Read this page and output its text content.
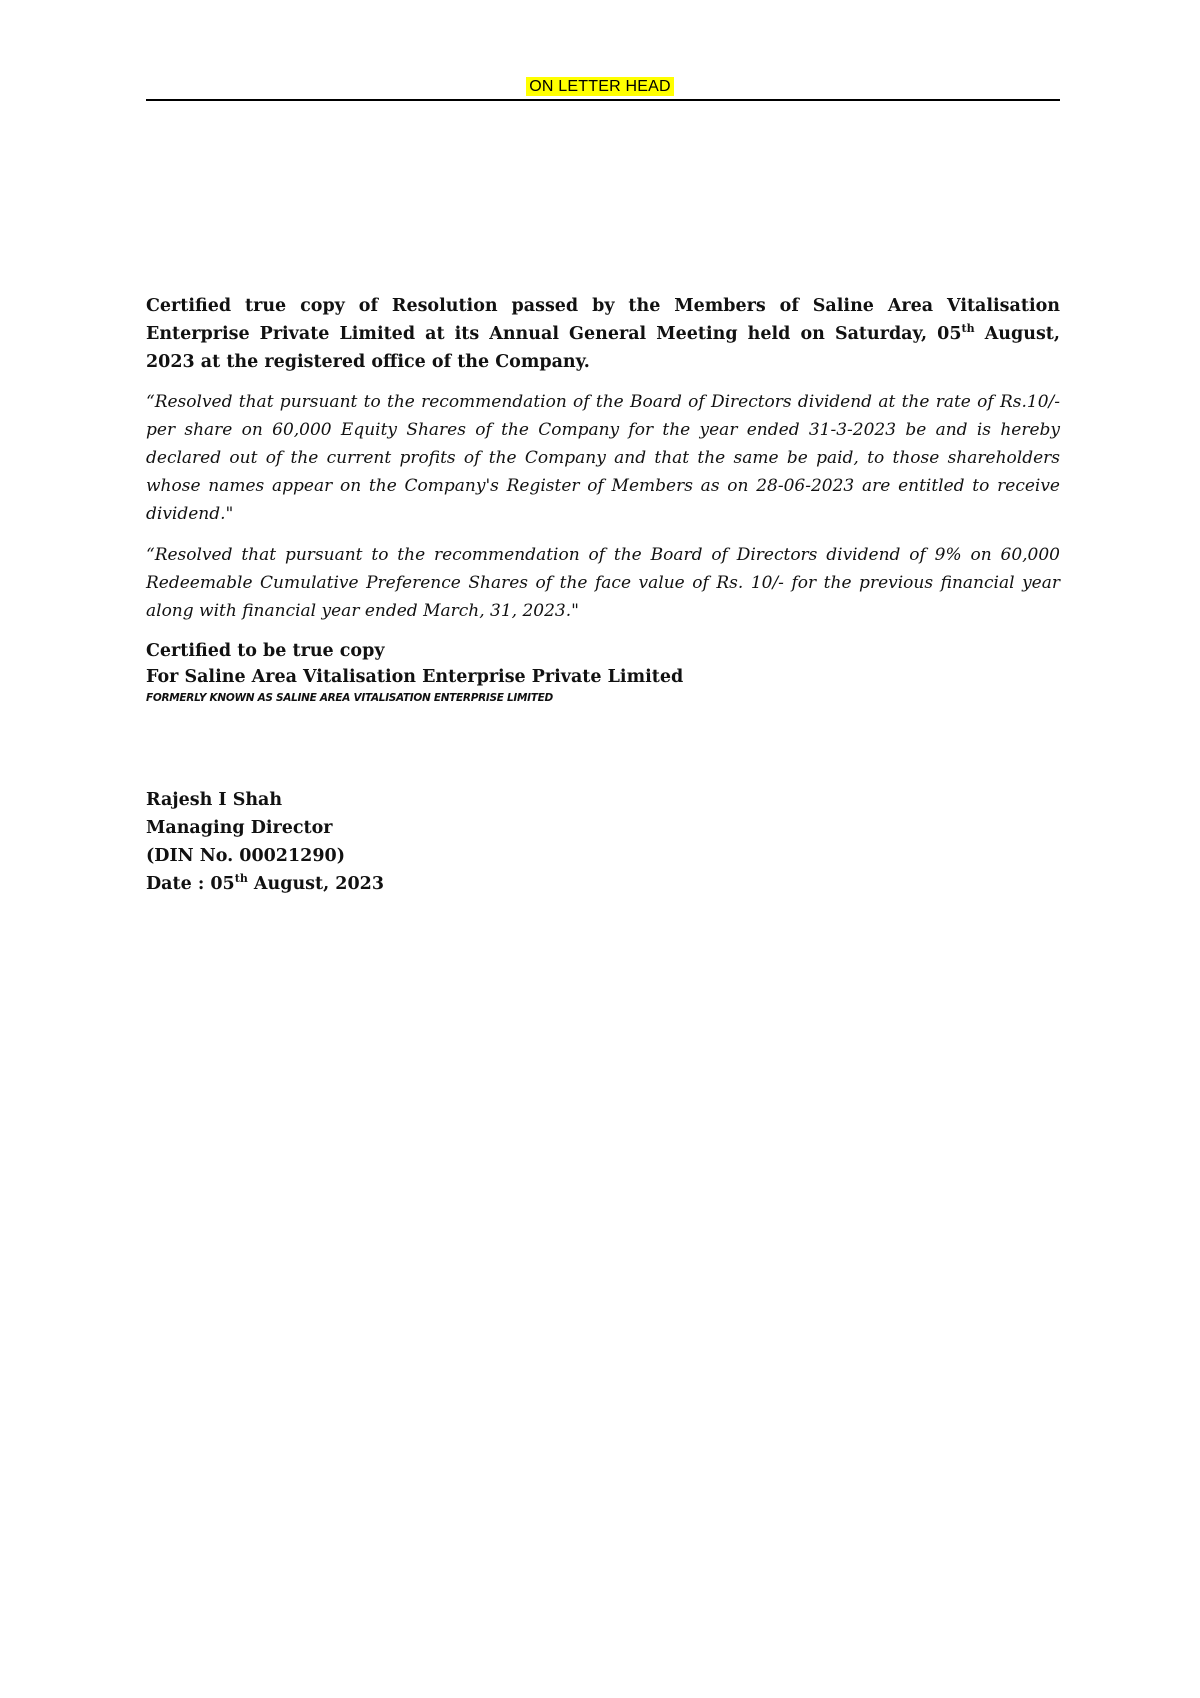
ON LETTER HEAD

Certified true copy of Resolution passed by the Members of Saline Area Vitalisation Enterprise Private Limited at its Annual General Meeting held on Saturday, 05th August, 2023 at the registered office of the Company.

“Resolved that pursuant to the recommendation of the Board of Directors dividend at the rate of Rs.10/- per share on 60,000 Equity Shares of the Company for the year ended 31-3-2023 be and is hereby declared out of the current profits of the Company and that the same be paid, to those shareholders whose names appear on the Company's Register of Members as on 28-06-2023 are entitled to receive dividend."

“Resolved that pursuant to the recommendation of the Board of Directors dividend of 9% on 60,000 Redeemable Cumulative Preference Shares of the face value of Rs. 10/- for the previous financial year along with financial year ended March, 31, 2023."

Certified to be true copy

For Saline Area Vitalisation Enterprise Private Limited

FORMERLY KNOWN AS SALINE AREA VITALISATION ENTERPRISE LIMITED

Rajesh I Shah

Managing Director

(DIN No. 00021290)

Date : 05th August, 2023
